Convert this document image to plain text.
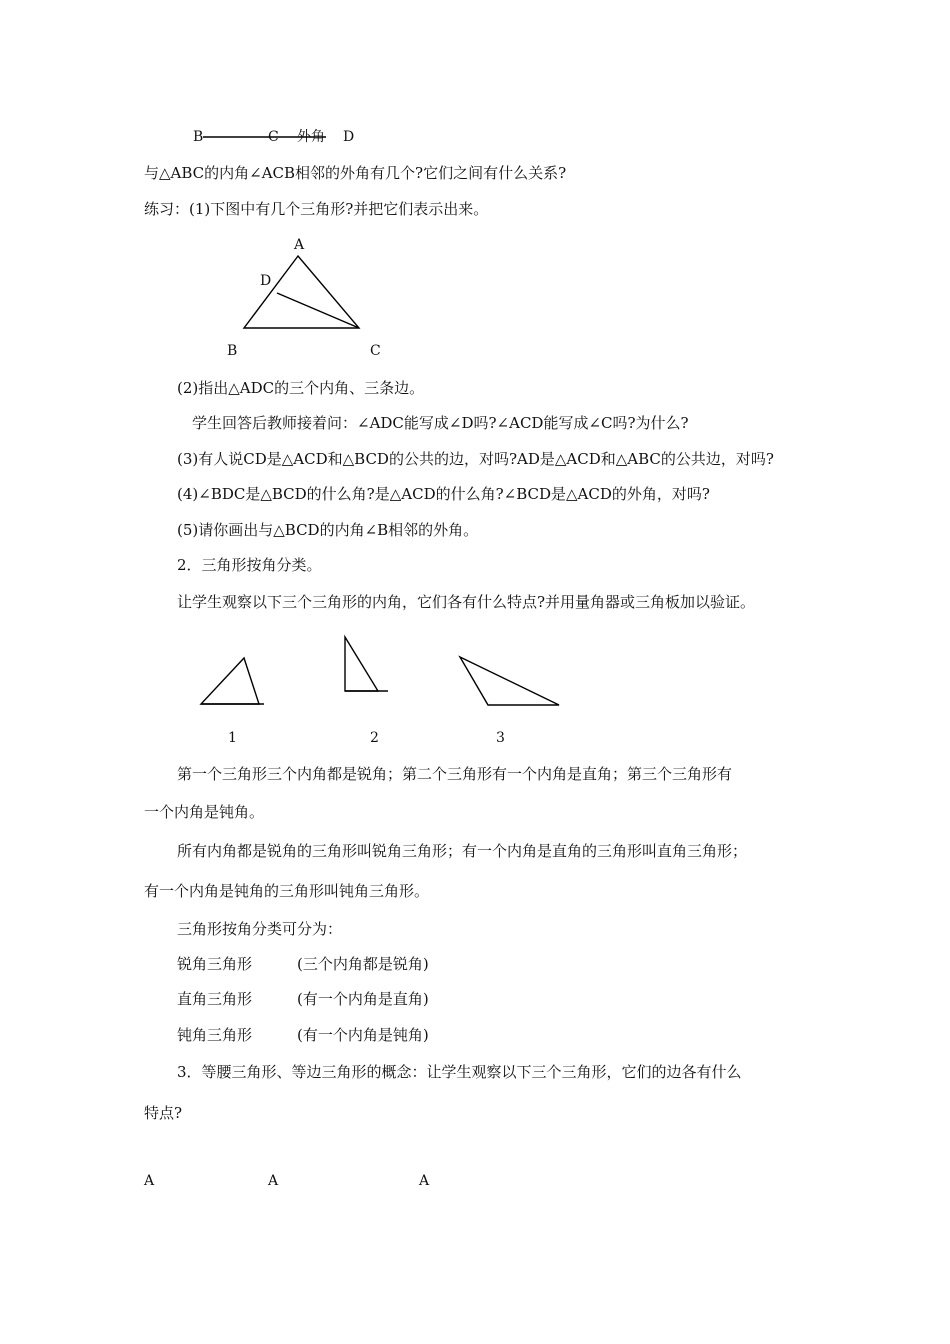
B	C 外角 D
与△ABC的内角∠ACB相邻的外角有几个?它们之间有什么关系?
练习：(1)下图中有几个三角形?并把它们表示出来。
A
D
B	C
(2)指出△ADC的三个内角、三条边。
学生回答后教师接着问：∠ADC能写成∠D吗?∠ACD能写成∠C吗?为什么?
(3)有人说CD是△ACD和△BCD的公共的边，对吗?AD是△ACD和△ABC的公共边，对吗?
(4)∠BDC是△BCD的什么角?是△ACD的什么角?∠BCD是△ACD的外角，对吗?
(5)请你画出与△BCD的内角∠B相邻的外角。
2．三角形按角分类。
让学生观察以下三个三角形的内角，它们各有什么特点?并用量角器或三角板加以验证。
1	2	3
第一个三角形三个内角都是锐角；第二个三角形有一个内角是直角；第三个三角形有
一个内角是钝角。
所有内角都是锐角的三角形叫锐角三角形；有一个内角是直角的三角形叫直角三角形；
有一个内角是钝角的三角形叫钝角三角形。
三角形按角分类可分为：
锐角三角形	(三个内角都是锐角)
直角三角形	(有一个内角是直角)
钝角三角形	(有一个内角是钝角)
3．等腰三角形、等边三角形的概念：让学生观察以下三个三角形，它们的边各有什么
特点?
A	A	A
